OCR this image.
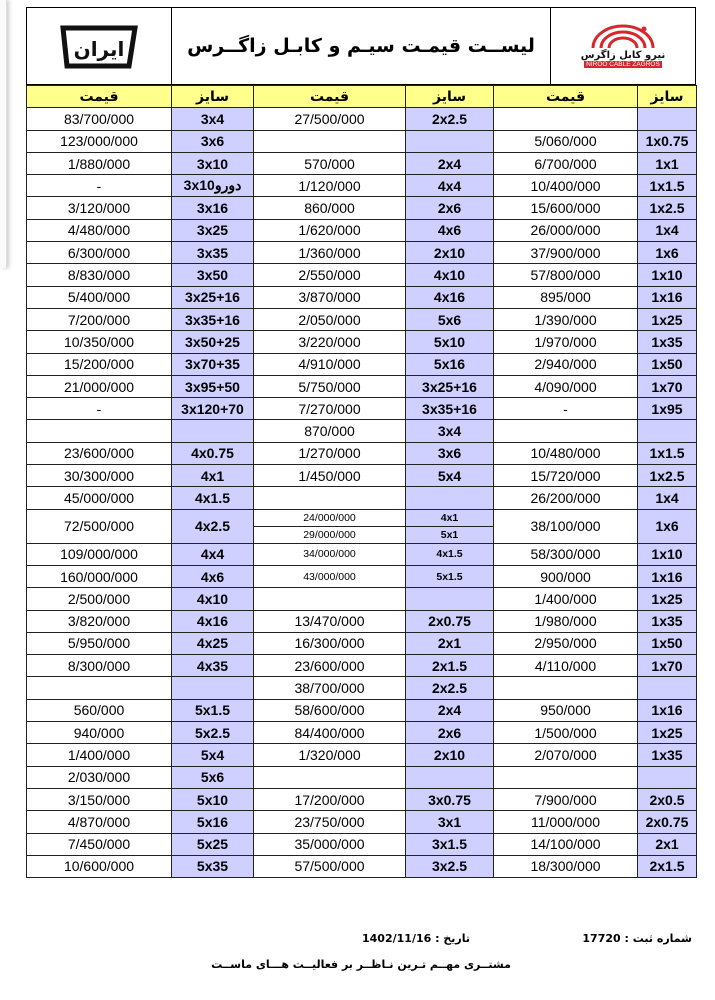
ایران	لیســت قیمـت سیـم و کابـل زاگــرس	نیرو کابل زاگرس
NIROO CABLE ZAGROS
قیمت	سایز	قیمت	سایز	قیمت	سایز
83/700/000	3x4	27/500/000	2x2.5		
123/000/000	3x6			5/060/000	1x0.75
1/880/000	3x10	570/000	2x4	6/700/000	1x1
-	3x10دورو	1/120/000	4x4	10/400/000	1x1.5
3/120/000	3x16	860/000	2x6	15/600/000	1x2.5
4/480/000	3x25	1/620/000	4x6	26/000/000	1x4
6/300/000	3x35	1/360/000	2x10	37/900/000	1x6
8/830/000	3x50	2/550/000	4x10	57/800/000	1x10
5/400/000	3x25+16	3/870/000	4x16	895/000	1x16
7/200/000	3x35+16	2/050/000	5x6	1/390/000	1x25
10/350/000	3x50+25	3/220/000	5x10	1/970/000	1x35
15/200/000	3x70+35	4/910/000	5x16	2/940/000	1x50
21/000/000	3x95+50	5/750/000	3x25+16	4/090/000	1x70
-	3x120+70	7/270/000	3x35+16	-	1x95
		870/000	3x4		
23/600/000	4x0.75	1/270/000	3x6	10/480/000	1x1.5
30/300/000	4x1	1/450/000	5x4	15/720/000	1x2.5
45/000/000	4x1.5			26/200/000	1x4
72/500/000	4x2.5	24/000/000	4x1	38/100/000	1x6
		29/000/000	5x1		
109/000/000	4x4	34/000/000	4x1.5	58/300/000	1x10
160/000/000	4x6	43/000/000	5x1.5	900/000	1x16
2/500/000	4x10			1/400/000	1x25
3/820/000	4x16	13/470/000	2x0.75	1/980/000	1x35
5/950/000	4x25	16/300/000	2x1	2/950/000	1x50
8/300/000	4x35	23/600/000	2x1.5	4/110/000	1x70
		38/700/000	2x2.5		
560/000	5x1.5	58/600/000	2x4	950/000	1x16
940/000	5x2.5	84/400/000	2x6	1/500/000	1x25
1/400/000	5x4	1/320/000	2x10	2/070/000	1x35
2/030/000	5x6				
3/150/000	5x10	17/200/000	3x0.75	7/900/000	2x0.5
4/870/000	5x16	23/750/000	3x1	11/000/000	2x0.75
7/450/000	5x25	35/000/000	3x1.5	14/100/000	2x1
10/600/000	5x35	57/500/000	3x2.5	18/300/000	2x1.5
شماره ثبت : 17720
تاریخ : 1402/11/16
مشتــری مهــم تـرین نـاظــر بر فعالیــت هـــای ماســت
